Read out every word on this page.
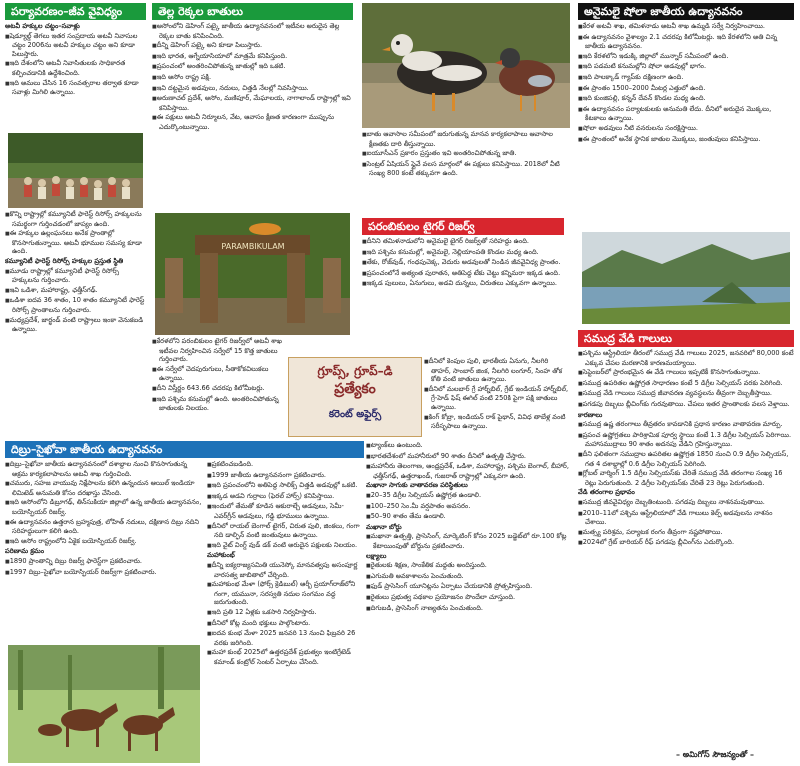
పర్యావరణం–జీవ వైవిధ్యం

అటవీ హక్కుల చట్టం–సవాళ్లు

■ షెడ్యూల్డ్ తెగలు ఇతర సంప్రదాయ అటవీ నివాసుల చట్టం 2006ను అటవీ హక్కుల చట్టం అని కూడా పిలుస్తారు.

■ ఇది దేశంలోని అటవీ నివాసితులకు సాధికారత కల్పించడానికి ఉద్దేశించింది.

■ ఇది అమలు చేసిన 16 సంవత్సరాల తర్వాత కూడా సవాళ్లు మిగిలి ఉన్నాయి.

■ కొన్ని రాష్ట్రాల్లో కమ్యూనిటీ ఫారెస్ట్ రిసోర్స్ హక్కులను సమర్థంగా గుర్తించడంలో జాప్యం ఉంది.

■ ఈ హక్కుల ఉల్లంఘనలు అనేక ప్రాంతాల్లో కొనసాగుతున్నాయి. అటవీ భూముల సమస్య కూడా ఉంది.

కమ్యూనిటీ ఫారెస్ట్ రిసోర్స్ హక్కుల ప్రస్తుత స్థితి

■ మూడు రాష్ట్రాల్లో కమ్యూనిటీ ఫారెస్ట్ రిసోర్స్ హక్కులను గుర్తించారు.

■ ఇవి ఒడిశా, మహారాష్ట్ర, ఛత్తీస్‌గఢ్.

■ ఒడిశా ఐదవ 36 శాతం, 10 శాతం కమ్యూనిటీ ఫారెస్ట్ రిసోర్స్ ప్రాంతాలను గుర్తించారు.

■ మధ్యప్రదేశ్, జార్ఖండ్ వంటి రాష్ట్రాలు ఇంకా వెనుకబడి ఉన్నాయి.

తెల్ల రెక్కల బాతులు

■ అసోంలోని డెహింగ్ పట్కై జాతీయ ఉద్యానవనంలో ఇటీవల అరుదైన తెల్ల రెక్కల బాతు కనిపించింది.

■ దీన్ని డెహింగ్ పట్కై అని కూడా పిలుస్తారు.

■ ఇది భారత, ఆగ్నేయాసియాలో మాత్రమే కనిపిస్తుంది.

■ ప్రపంచంలో అంతరించిపోతున్న జాతుల్లో ఇది ఒకటి.

■ ఇది అసోం రాష్ట్ర పక్షి.

■ ఇవి దట్టమైన అడవులు, నదులు, చిత్తడి నేలల్లో నివసిస్తాయి.

■ అరుణాచల్ ప్రదేశ్, అసోం, మణిపూర్, మేఘాలయ, నాగాలాండ్ రాష్ట్రాల్లో ఇవి కనిపిస్తాయి.

■ ఈ పక్షులు అటవీ నిర్మూలన, వేట, ఆవాసం క్షీణత కారణంగా ముప్పును ఎదుర్కొంటున్నాయి.

■ బాతు ఆవాసాల సమీపంలో జరుగుతున్న మానవ కార్యకలాపాలు ఆవాసాల క్షీణతకు దారి తీస్తున్నాయి.

■ ఐయూసీఎన్ ప్రకారం ప్రస్తుతం ఇవి అంతరించిపోతున్న జాతి.

■ సెంట్రల్ ఏషియన్ ఫ్లైవే వలస మార్గంలో ఈ పక్షులు కనిపిస్తాయి. 2018లో వీటి సంఖ్య 800 కంటే తక్కువగా ఉంది.

PARAMBIKULAM

■ కేరళలోని పరంబికులం టైగర్ రిజర్వ్‌లో అటవీ శాఖ ఇటీవల నిర్వహించిన సర్వేలో 15 కొత్త జాతులు గుర్తించారు.

■ ఈ సర్వేలో చెదపురుగులు, సీతాకోకచిలుకలు ఉన్నాయి.

■ దీని విస్తీర్ణం 643.66 చదరపు కిలోమీటర్లు.

■ ఇది పశ్చిమ కనుమల్లో ఉంది. అంతరించిపోతున్న జాతులకు నిలయం.

పరంబికులం టైగర్ రిజర్వ్

■ దీనిని తమిళనాడులోని ఆనైమలై టైగర్ రిజర్వ్‌తో సరిహద్దు ఉంది.

■ ఇది పశ్చిమ కనుమల్లో, అనైమలై, నెల్లియాంపతి కొండల మధ్య ఉంది.

■ తేకు, రోజ్‌వుడ్, గంధపుచెక్క, వెదురు అడవులతో నిండిన జీవవైవిధ్య ప్రాంతం.

■ ప్రపంచంలోనే అత్యంత పురాతన, అతిపెద్ద టేకు చెట్టు కన్నిమరా ఇక్కడ ఉంది.

■ ఇక్కడ పులులు, ఏనుగులు, అడవి దున్నలు, చిరుతలు ఎక్కువగా ఉన్నాయి.

గ్రూప్స్, గ్రూప్–డి
ప్రత్యేకం
కరెంట్ అఫైర్స్

■ దీనిలో కెంపుల పులి, భారతీయ ఏనుగు, నీలగిరి తాహర్, సాంబార్ జింక, నీలగిరి లంగూర్, సింహ తోక కోతి వంటి జాతులు ఉన్నాయి.

■ దీనిలో మలబార్ గ్రే హార్న్‌బిల్, గ్రేట్ ఇండియన్ హార్న్‌బిల్, గ్రే-హెడ్ ఫిష్ ఈగిల్ వంటి 250కి పైగా పక్షి జాతులు ఉన్నాయి.

■ కింగ్ కోబ్రా, ఇండియన్ రాక్ పైథాన్, వివిధ తాబేళ్ల వంటి సరీసృపాలు ఉన్నాయి.

అనైమలై షోలా జాతీయ ఉద్యానవనం

■ కేరళ అటవీ శాఖ, తమిళనాడు అటవీ శాఖ ఉమ్మడి సర్వే నిర్వహించాయి.

■ ఈ ఉద్యానవనం వైశాల్యం 2.1 చదరపు కిలోమీటర్లు. ఇది కేరళలోని అతి చిన్న జాతీయ ఉద్యానవనం.

■ ఇది కేరళలోని ఇడుక్కి జిల్లాలో మున్నార్ సమీపంలో ఉంది.

■ ఇది పడమటి కనుమల్లోని షోలా అడవుల్లో భాగం.

■ ఇది పాలక్కాడ్ గ్యాప్‌కు దక్షిణంగా ఉంది.

■ ఈ ప్రాంతం 1500–2000 మీటర్ల ఎత్తులో ఉంది.

■ ఇది కుంజిపల్లి, కన్నన్ దేవన్ కొండల మధ్య ఉంది.

■ ఈ ఉద్యానవనం పర్యాటకులకు అనుమతి లేదు. దీనిలో అరుదైన మొక్కలు, కీటకాలు ఉన్నాయి.

■ షోలా అడవులు నీటి వనరులను సంరక్షిస్తాయి.

■ ఈ ప్రాంతంలో అనేక స్థానిక జాతుల మొక్కలు, జంతువులు కనిపిస్తాయి.

సముద్ర వేడి గాలులు

■ పశ్చిమ ఆస్ట్రేలియా తీరంలో సముద్ర వేడి గాలులు 2025, జనవరిలో 80,000 కంటే ఎక్కువ చేపల మరణానికి కారణమయ్యాయి.

■ సెప్టెంబర్‌లో ప్రారంభమైన ఈ వేడి గాలులు ఇప్పటికీ కొనసాగుతున్నాయి.

■ సముద్ర ఉపరితల ఉష్ణోగ్రత సాధారణం కంటే 5 డిగ్రీల సెల్సియస్ వరకు పెరిగింది.

■ సముద్ర వేడి గాలులు సముద్ర జీవావరణ వ్యవస్థలను తీవ్రంగా దెబ్బతీస్తాయి.

■ పగడపు దిబ్బలు బ్లీచింగ్‌కు గురవుతాయి. చేపలు ఇతర ప్రాంతాలకు వలస వెళ్తాయి.

కారణాలు

■ సముద్ర ఉష్ణ తరంగాలు తీవ్రతరం కావడానికి ప్రధాన కారణం వాతావరణ మార్పు.

■ ప్రపంచ ఉష్ణోగ్రతలు పారిశ్రామిక పూర్వ స్థాయి కంటే 1.3 డిగ్రీల సెల్సియస్ పెరిగాయి. మహాసముద్రాలు 90 శాతం అదనపు వేడిని గ్రహిస్తున్నాయి.

■ దీని ఫలితంగా సముద్రాల ఉపరితల ఉష్ణోగ్రత 1850 నుంచి 0.9 డిగ్రీల సెల్సియస్, గత 4 దశాబ్దాల్లో 0.6 డిగ్రీల సెల్సియస్ పెరిగింది.

■ గ్లోబల్ వార్మింగ్ 1.5 డిగ్రీల సెల్సియస్‌కు చేరితే సముద్ర వేడి తరంగాల సంఖ్య 16 రెట్లు పెరుగుతుంది. 2 డిగ్రీల సెల్సియస్‌కు చేరితే 23 రెట్లు పెరుగుతుంది.

వేడి తరంగాల ప్రభావం

■ సముద్ర జీవవైవిధ్యం దెబ్బతింటుంది. పగడపు దిబ్బలు నాశనమవుతాయి.

■ 2010–11లో పశ్చిమ ఆస్ట్రేలియాలో వేడి గాలులు కెల్ప్ అడవులను నాశనం చేశాయి.

■ మత్స్య పరిశ్రమ, పర్యాటక రంగం తీవ్రంగా నష్టపోతాయి.

■ 2024లో గ్రేట్ బారియర్ రీఫ్ పగడపు బ్లీచింగ్‌ను ఎదుర్కొంది.

– అమిగోస్ సౌజన్యంతో –
దిబ్రు–సైఖోవా జాతీయ ఉద్యానవనం

■ దిబ్రు–సైఖోవా జాతీయ ఉద్యానవనంలో దశాబ్దాల నుంచి కొనసాగుతున్న అక్రమ కార్యకలాపాలను అటవీ శాఖ గుర్తించింది.

■ చమురు, సహజ వాయువు నిక్షేపాలను కలిగి ఉన్నందున ఆయిల్ ఇండియా లిమిటెడ్ అనుమతి కోసం దరఖాస్తు చేసింది.

■ ఇది అసోంలోని డిబ్రూగఢ్, తిన్‌సుకియా జిల్లాలో ఉన్న జాతీయ ఉద్యానవనం, బయోస్ఫియర్ రిజర్వ్.

■ ఈ ఉద్యానవనం ఉత్తరాన బ్రహ్మపుత్ర, లోహిత్ నదులు, దక్షిణాన దిబ్రు నదిని సరిహద్దులుగా కలిగి ఉంది.

■ ఇది అసోం రాష్ట్రంలోని ఏకైక బయోస్ఫియర్ రిజర్వ్.

పరిణామ క్రమం

■ 1890 ప్రాంతాన్ని దిబ్రు రిజర్వ్ ఫారెస్ట్‌గా ప్రకటించారు.

■ 1997 దిబ్రు–సైఖోవా బయోస్ఫియర్ రిజర్వ్‌గా ప్రకటించారు.

■ ప్రకటించబడింది.

■ 1999 జాతీయ ఉద్యానవనంగా ప్రకటించారు.

■ ఇది ప్రపంచంలోని అతిపెద్ద సాలిక్స్ చిత్తడి అడవుల్లో ఒకటి.

■ ఇక్కడ అడవి గుర్రాలు (ఫెరల్ హార్స్) కనిపిస్తాయి.

■ ఇందులో తేమతో కూడిన ఆకురాల్చే అడవులు, సెమీ-ఎవర్‌గ్రీన్ అడవులు, గడ్డి భూములు ఉన్నాయి.

■ దీనిలో రాయల్ బెంగాల్ టైగర్, చిరుత పులి, జింకలు, గంగా నది డాల్ఫిన్ వంటి జంతువులు ఉన్నాయి.

■ ఇది వైట్ వింగ్డ్ వుడ్ డక్ వంటి అరుదైన పక్షులకు నిలయం.

మహాకుంభ్

■ దీన్ని ఐక్యరాజ్యసమితి యునెస్కో మానవత్వపు అసంపూర్ణ వారసత్వ జాబితాలో చేర్చింది.

■ మహాకుంభ మేళా (ఫోర్స్ క్రెడిబుల్) ఆర్బీ ప్రయాగ్‌రాజ్‌లోని గంగా, యమునా, సరస్వతి నదుల సంగమం వద్ద జరుగుతుంది.

■ ఇది ప్రతి 12 ఏళ్లకు ఒకసారి నిర్వహిస్తారు.

■ దీనిలో కోట్ల మంది భక్తులు పాల్గొంటారు.

■ ఐదవ కుంభ మేళా 2025 జనవరి 13 నుంచి ఫిబ్రవరి 26 వరకు జరిగింది.

■ మహా కుంభ్‌ 2025లో ఉత్తరప్రదేశ్ ప్రభుత్వం ఇంటిగ్రేటెడ్ కమాండ్ కంట్రోల్ సెంటర్ ఏర్పాటు చేసింది.

■ ట్యాంక్‌లు ఉంటుంది.

■ భారతదేశంలో మహానీరులో 90 శాతం దీనిలో ఉత్పత్తి చేస్తారు.

■ మహానీరు తెలంగాణ, ఆంధ్రప్రదేశ్, ఒడిశా, మహారాష్ట్ర, పశ్చిమ బెంగాల్, బీహార్, ఛత్తీస్‌గఢ్, ఉత్తరాఖండ్, గుజరాత్ రాష్ట్రాల్లో ఎక్కువగా ఉంది.

మఖానా సాగుకు వాతావరణ పరిస్థితులు

■ 20–35 డిగ్రీల సెల్సియస్ ఉష్ణోగ్రత ఉండాలి.

■ 100–250 సెం.మీ వర్షపాతం అవసరం.

■ 50–90 శాతం తేమ ఉండాలి.

మఖానా బోర్డు

■ మఖానా ఉత్పత్తి, ప్రాసెసింగ్, మార్కెటింగ్ కోసం 2025 బడ్జెట్‌లో రూ.100 కోట్ల కేటాయింపుతో బోర్డును ప్రకటించారు.

లక్ష్యాలు

■ రైతులకు శిక్షణ, సాంకేతిక మద్దతు అందిస్తుంది.

■ ఎగుమతి అవకాశాలను పెంచుతుంది.

■ ఫుడ్ ప్రాసెసింగ్ యూనిట్లను ఏర్పాటు చేయడానికి ప్రోత్సహిస్తుంది.

■ రైతులు ప్రభుత్వ పథకాల ప్రయోజనం పొందేలా చూస్తుంది.

■ దిగుబడి, ప్రాసెసింగ్ నాణ్యతను పెంచుతుంది.
